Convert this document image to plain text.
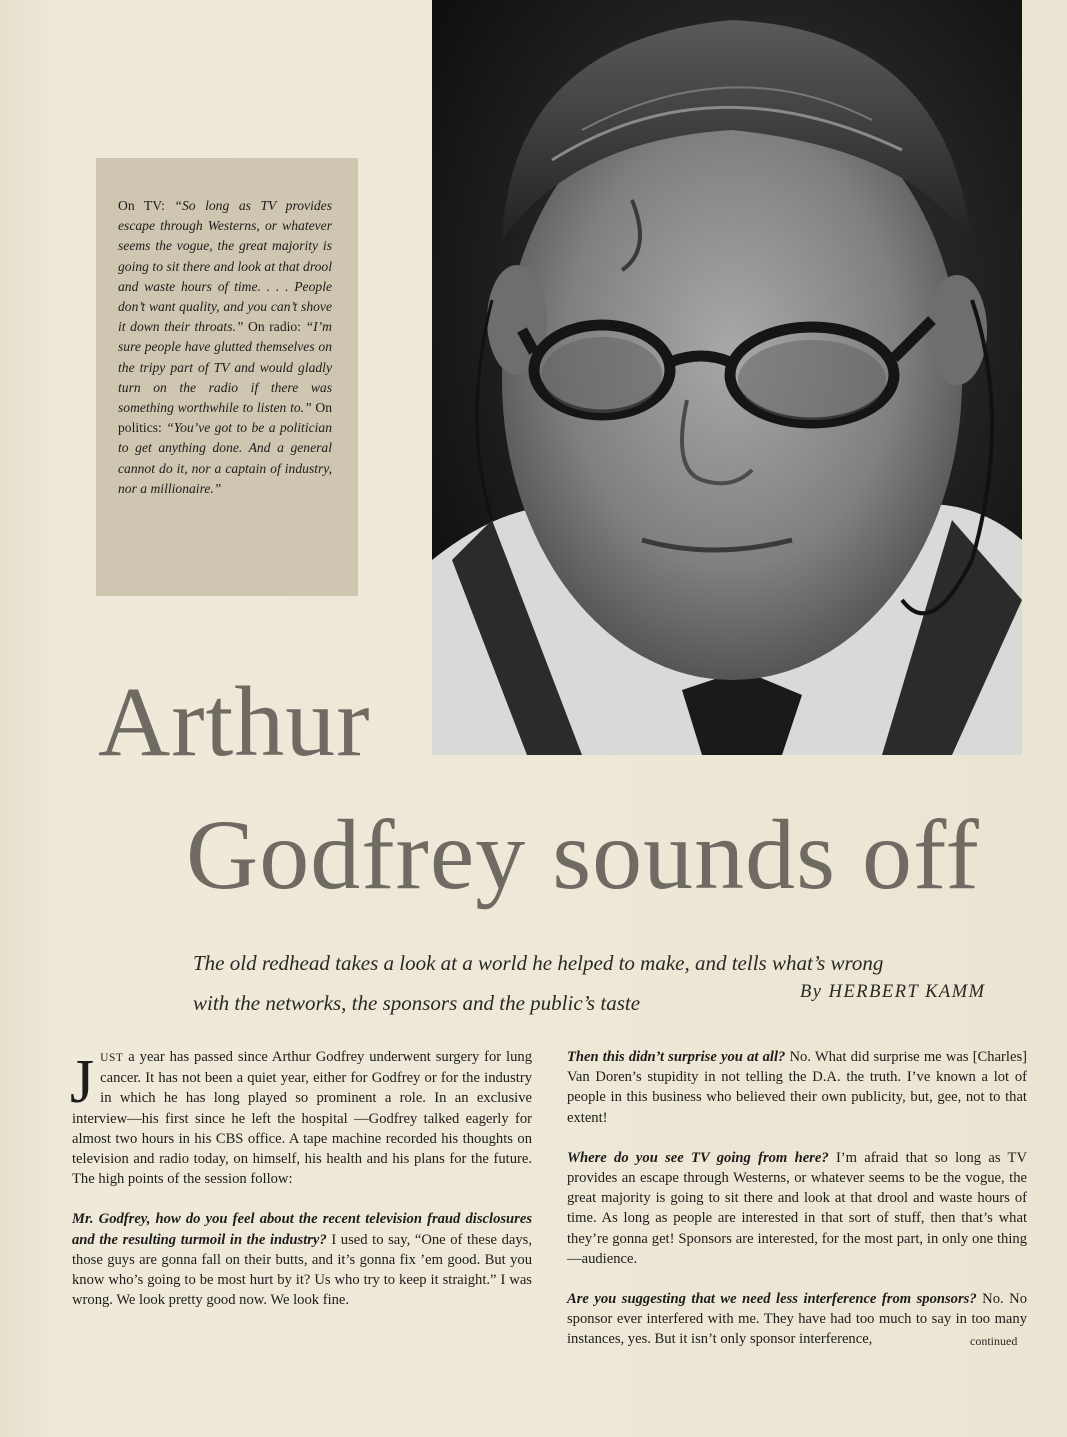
On TV: “So long as TV provides escape through Westerns, or whatever seems the vogue, the great majority is going to sit there and look at that drool and waste hours of time. . . . People don’t want quality, and you can’t shove it down their throats.” On radio: “I’m sure people have glutted themselves on the tripy part of TV and would gladly turn on the radio if there was something worthwhile to listen to.” On politics: “You’ve got to be a politician to get anything done. And a general cannot do it, nor a captain of industry, nor a millionaire.”

Arthur
Godfrey sounds off
The old redhead takes a look at a world he helped to make, and tells what’s wrong
with the networks, the sponsors and the public’s taste	By HERBERT KAMM

JUST a year has passed since Arthur Godfrey underwent surgery for lung cancer. It has not been a quiet year, either for Godfrey or for the industry in which he has long played so prominent a role. In an exclusive interview—his first since he left the hospital —Godfrey talked eagerly for almost two hours in his CBS office. A tape machine recorded his thoughts on television and radio today, on himself, his health and his plans for the future. The high points of the session follow:

Mr. Godfrey, how do you feel about the recent television fraud disclosures and the resulting turmoil in the industry? I used to say, “One of these days, those guys are gonna fall on their butts, and it’s gonna fix ’em good. But you know who’s going to be most hurt by it? Us who try to keep it straight.” I was wrong. We look pretty good now. We look fine.

Then this didn’t surprise you at all? No. What did surprise me was [Charles] Van Doren’s stupidity in not telling the D.A. the truth. I’ve known a lot of people in this business who believed their own publicity, but, gee, not to that extent!

Where do you see TV going from here? I’m afraid that so long as TV provides an escape through Westerns, or whatever seems to be the vogue, the great majority is going to sit there and look at that drool and waste hours of time. As long as people are interested in that sort of stuff, then that’s what they’re gonna get! Sponsors are interested, for the most part, in only one thing—audience.

Are you suggesting that we need less interference from sponsors? No. No sponsor ever interfered with me. They have had too much to say in too many instances, yes. But it isn’t only sponsor interference,	continued
